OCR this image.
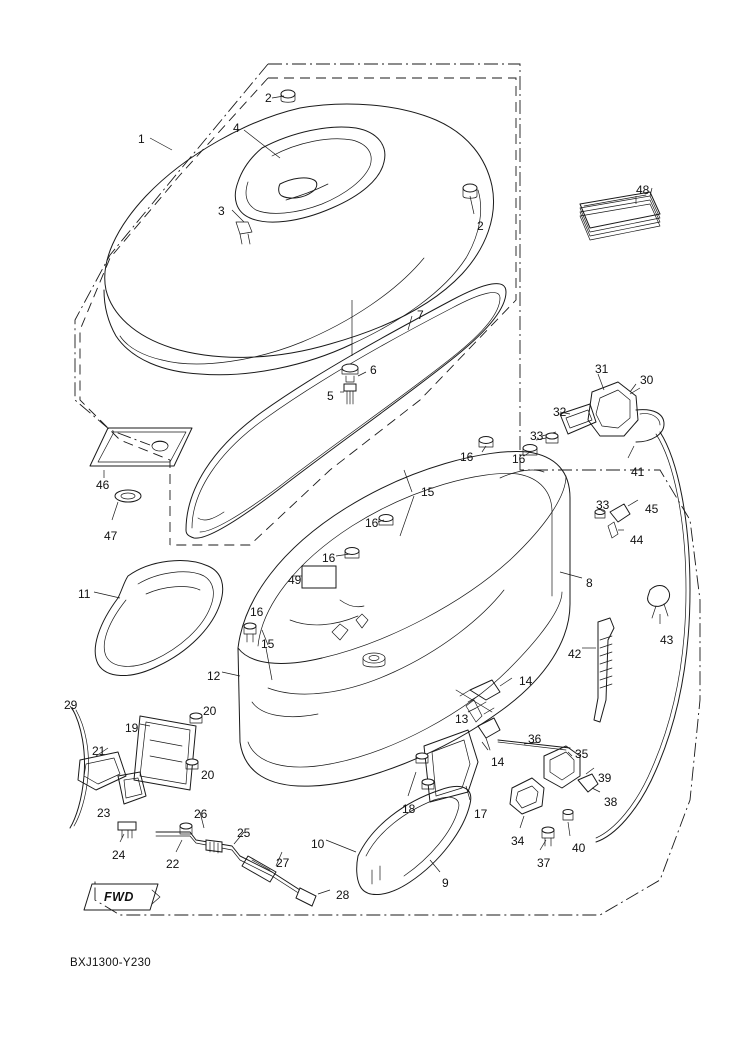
FWD
BXJ1300-Y230
1
2
2
3
4
5
6
7
8
9
10
11
12
13
14
14
15
15
16	16
16
16
16
17
18
19
20
20
21
22
23
24
25
26
27
28
29
30
31
32
33
33
34
35
36
37
38
39
40
41
42
43
44
45
46
47
48
49
